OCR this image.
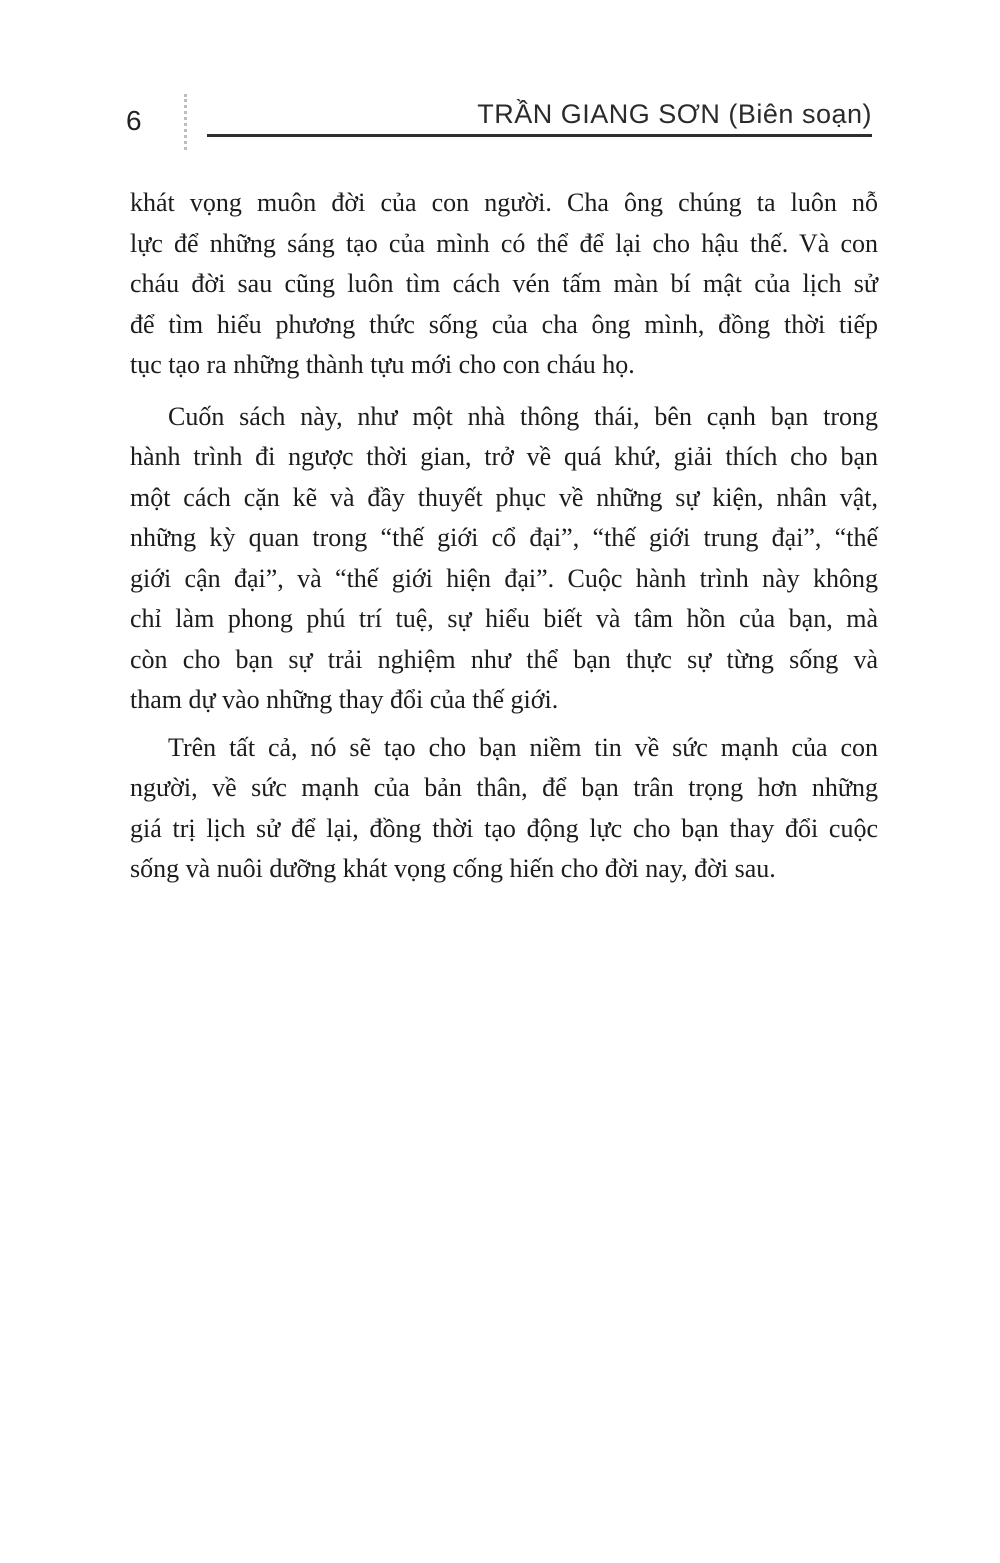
6	TRẦN GIANG SƠN (Biên soạn)
khát vọng muôn đời của con người. Cha ông chúng ta luôn nỗ
lực để những sáng tạo của mình có thể để lại cho hậu thế. Và con
cháu đời sau cũng luôn tìm cách vén tấm màn bí mật của lịch sử
để tìm hiểu phương thức sống của cha ông mình, đồng thời tiếp
tục tạo ra những thành tựu mới cho con cháu họ.
Cuốn sách này, như một nhà thông thái, bên cạnh bạn trong
hành trình đi ngược thời gian, trở về quá khứ, giải thích cho bạn
một cách cặn kẽ và đầy thuyết phục về những sự kiện, nhân vật,
những kỳ quan trong “thế giới cổ đại”, “thế giới trung đại”, “thế
giới cận đại”, và “thế giới hiện đại”. Cuộc hành trình này không
chỉ làm phong phú trí tuệ, sự hiểu biết và tâm hồn của bạn, mà
còn cho bạn sự trải nghiệm như thể bạn thực sự từng sống và
tham dự vào những thay đổi của thế giới.
Trên tất cả, nó sẽ tạo cho bạn niềm tin về sức mạnh của con
người, về sức mạnh của bản thân, để bạn trân trọng hơn những
giá trị lịch sử để lại, đồng thời tạo động lực cho bạn thay đổi cuộc
sống và nuôi dưỡng khát vọng cống hiến cho đời nay, đời sau.
